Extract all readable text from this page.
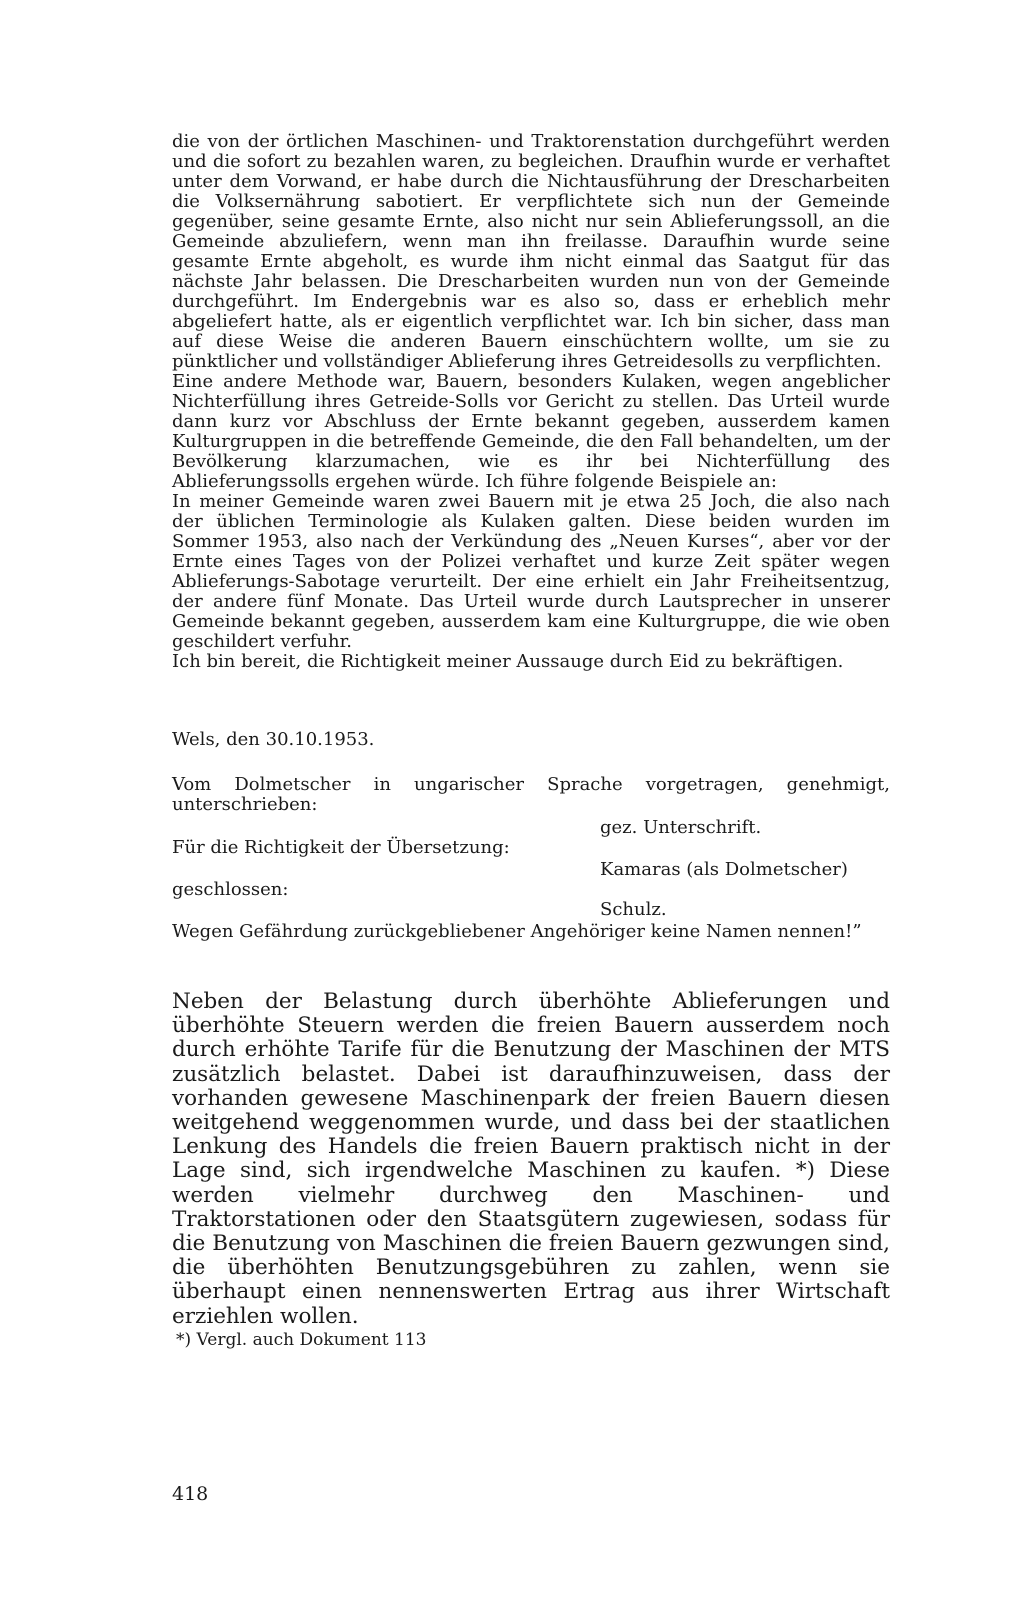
die von der örtlichen Maschinen- und Traktorenstation durchgeführt werden und die sofort zu bezahlen waren, zu begleichen. Draufhin wurde er verhaftet unter dem Vorwand, er habe durch die Nichtausführung der Drescharbeiten die Volksernährung sabotiert. Er verpflichtete sich nun der Gemeinde gegenüber, seine gesamte Ernte, also nicht nur sein Ablieferungssoll, an die Gemeinde abzuliefern, wenn man ihn freilasse. Daraufhin wurde seine gesamte Ernte abgeholt, es wurde ihm nicht einmal das Saatgut für das nächste Jahr belassen. Die Drescharbeiten wurden nun von der Gemeinde durchgeführt. Im Endergebnis war es also so, dass er erheblich mehr abgeliefert hatte, als er eigentlich verpflichtet war. Ich bin sicher, dass man auf diese Weise die anderen Bauern einschüchtern wollte, um sie zu pünktlicher und vollständiger Ablieferung ihres Getreidesolls zu verpflichten.

Eine andere Methode war, Bauern, besonders Kulaken, wegen angeblicher Nichterfüllung ihres Getreide-Solls vor Gericht zu stellen. Das Urteil wurde dann kurz vor Abschluss der Ernte bekannt gegeben, ausserdem kamen Kulturgruppen in die betreffende Gemeinde, die den Fall behandelten, um der Bevölkerung klarzumachen, wie es ihr bei Nichterfüllung des Ablieferungssolls ergehen würde. Ich führe folgende Beispiele an:

In meiner Gemeinde waren zwei Bauern mit je etwa 25 Joch, die also nach der üblichen Terminologie als Kulaken galten. Diese beiden wurden im Sommer 1953, also nach der Verkündung des „Neuen Kurses“, aber vor der Ernte eines Tages von der Polizei verhaftet und kurze Zeit später wegen Ablieferungs-Sabotage verurteilt. Der eine erhielt ein Jahr Freiheitsentzug, der andere fünf Monate. Das Urteil wurde durch Lautsprecher in unserer Gemeinde bekannt gegeben, ausserdem kam eine Kulturgruppe, die wie oben geschildert verfuhr.

Ich bin bereit, die Richtigkeit meiner Aussauge durch Eid zu bekräftigen.

Wels, den 30.10.1953.
Vom Dolmetscher in ungarischer Sprache vorgetragen, genehmigt, unterschrieben:
gez. Unterschrift.
Für die Richtigkeit der Übersetzung:
Kamaras (als Dolmetscher)
geschlossen:
Schulz.
Wegen Gefährdung zurückgebliebener Angehöriger keine Namen nennen!”

Neben der Belastung durch überhöhte Ablieferungen und überhöhte Steuern werden die freien Bauern ausserdem noch durch erhöhte Tarife für die Benutzung der Maschinen der MTS zusätzlich belastet. Dabei ist daraufhinzuweisen, dass der vorhanden gewesene Maschinenpark der freien Bauern diesen weitgehend weggenommen wurde, und dass bei der staatlichen Lenkung des Handels die freien Bauern praktisch nicht in der Lage sind, sich irgendwelche Maschinen zu kaufen. *) Diese werden vielmehr durchweg den Maschinen- und Traktorstationen oder den Staatsgütern zugewiesen, sodass für die Benutzung von Maschinen die freien Bauern gezwungen sind, die überhöhten Benutzungsgebühren zu zahlen, wenn sie überhaupt einen nennenswerten Ertrag aus ihrer Wirtschaft erziehlen wollen.

*) Vergl. auch Dokument 113
418
